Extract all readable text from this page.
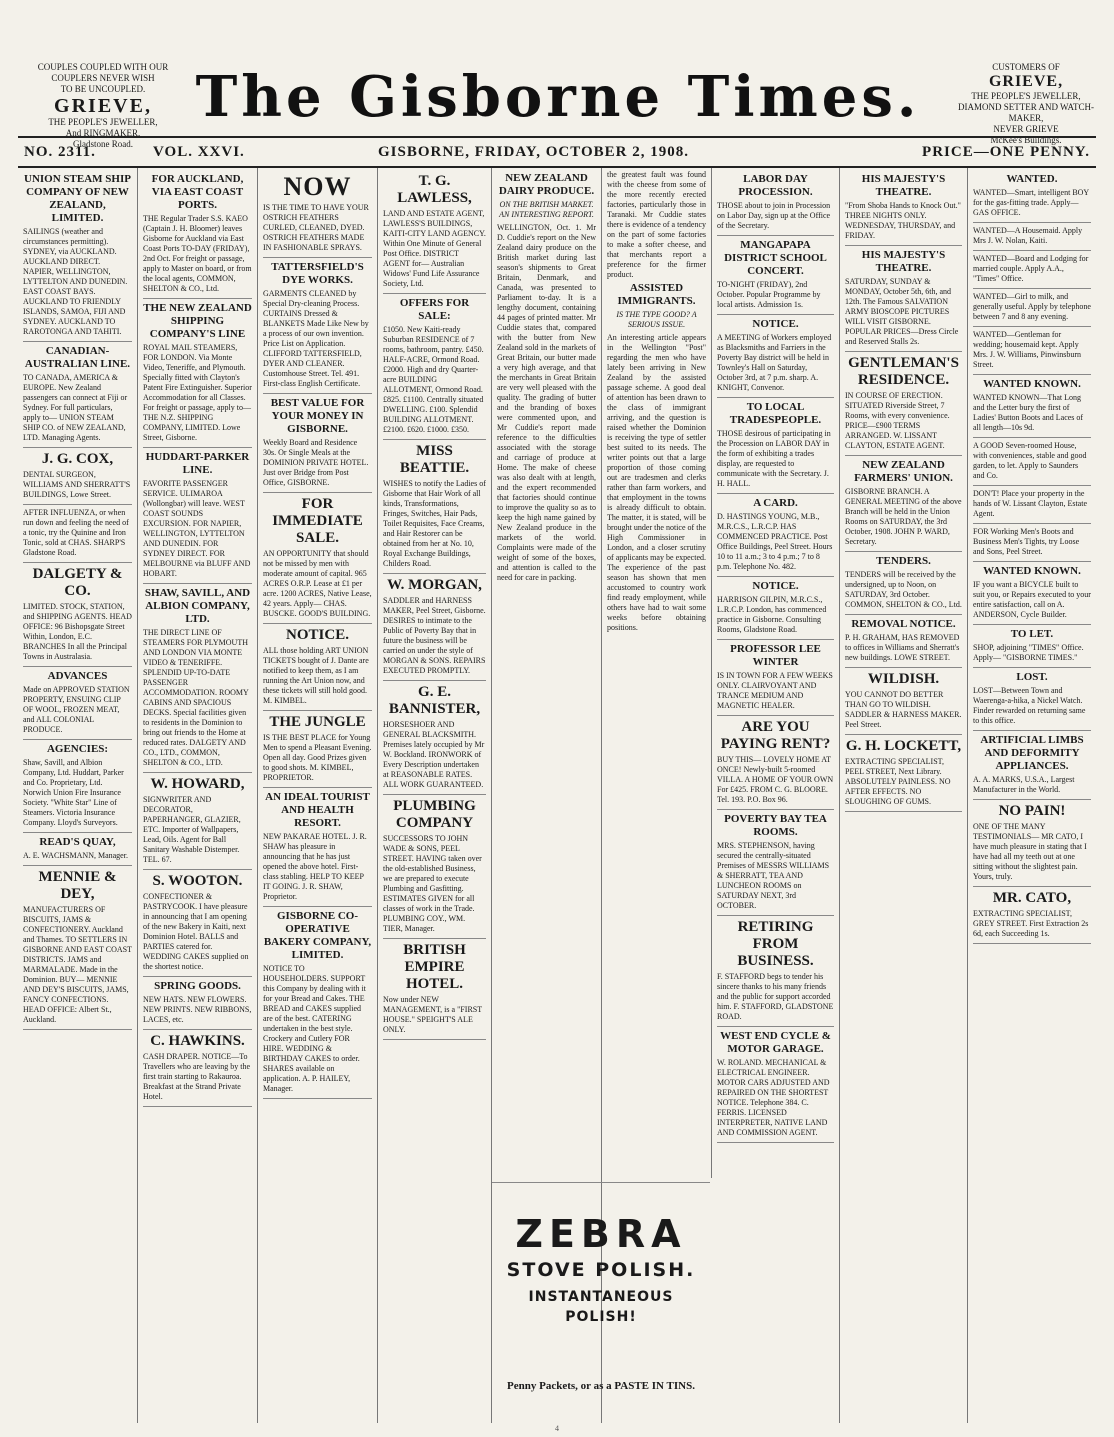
COUPLES COUPLED WITH OUR
COUPLERS NEVER WISH
TO BE UNCOUPLED.
GRIEVE,
THE PEOPLE'S JEWELLER,
And RINGMAKER,
Gladstone Road.
The Gisborne Times.	CUSTOMERS OF
GRIEVE,
THE PEOPLE'S JEWELLER,
DIAMOND SETTER AND WATCH-
MAKER,
NEVER GRIEVE
McKee's Buildings.
NO. 2311.	VOL. XXVI.	GISBORNE, FRIDAY, OCTOBER 2, 1908.	PRICE—ONE PENNY.
UNION STEAM SHIP COMPANY OF NEW ZEALAND, LIMITED.

SAILINGS (weather and circumstances permitting). SYDNEY, via AUCKLAND. AUCKLAND DIRECT. NAPIER, WELLINGTON, LYTTELTON AND DUNEDIN. EAST COAST BAYS. AUCKLAND TO FRIENDLY ISLANDS, SAMOA, FIJI AND SYDNEY. AUCKLAND TO RAROTONGA AND TAHITI.

CANADIAN-AUSTRALIAN LINE.

TO CANADA, AMERICA & EUROPE. New Zealand passengers can connect at Fiji or Sydney. For full particulars, apply to— UNION STEAM SHIP CO. of NEW ZEALAND, LTD. Managing Agents.

J. G. COX,

DENTAL SURGEON, WILLIAMS AND SHERRATT'S BUILDINGS, Lowe Street.

AFTER INFLUENZA, or when run down and feeling the need of a tonic, try the Quinine and Iron Tonic, sold at CHAS. SHARP'S Gladstone Road.

DALGETY & CO.

LIMITED. STOCK, STATION, and SHIPPING AGENTS. HEAD OFFICE: 96 Bishopsgate Street Within, London, E.C. BRANCHES In all the Principal Towns in Australasia.

ADVANCES

Made on APPROVED STATION PROPERTY, ENSUING CLIP OF WOOL, FROZEN MEAT, and ALL COLONIAL PRODUCE.

AGENCIES:

Shaw, Savill, and Albion Company, Ltd. Huddart, Parker and Co. Proprietary, Ltd. Norwich Union Fire Insurance Society. "White Star" Line of Steamers. Victoria Insurance Company. Lloyd's Surveyors.

READ'S QUAY,

A. E. WACHSMANN, Manager.

MENNIE & DEY,

MANUFACTURERS OF BISCUITS, JAMS & CONFECTIONERY. Auckland and Thames. TO SETTLERS IN GISBORNE AND EAST COAST DISTRICTS. JAMS and MARMALADE. Made in the Dominion. BUY— MENNIE AND DEY'S BISCUITS, JAMS, FANCY CONFECTIONS. HEAD OFFICE: Albert St., Auckland.

FOR AUCKLAND, VIA EAST COAST PORTS.

THE Regular Trader S.S. KAEO (Captain J. H. Bloomer) leaves Gisborne for Auckland via East Coast Ports TO-DAY (FRIDAY), 2nd Oct. For freight or passage, apply to Master on board, or from the local agents, COMMON, SHELTON & CO., Ltd.

THE NEW ZEALAND SHIPPING COMPANY'S LINE

ROYAL MAIL STEAMERS, FOR LONDON. Via Monte Video, Teneriffe, and Plymouth. Specially fitted with Clayton's Patent Fire Extinguisher. Superior Accommodation for all Classes. For freight or passage, apply to— THE N.Z. SHIPPING COMPANY, LIMITED. Lowe Street, Gisborne.

HUDDART-PARKER LINE.

FAVORITE PASSENGER SERVICE. ULIMAROA (Wollongbar) will leave. WEST COAST SOUNDS EXCURSION. FOR NAPIER, WELLINGTON, LYTTELTON AND DUNEDIN. FOR SYDNEY DIRECT. FOR MELBOURNE via BLUFF AND HOBART.

SHAW, SAVILL, AND ALBION COMPANY, LTD.

THE DIRECT LINE OF STEAMERS FOR PLYMOUTH AND LONDON VIA MONTE VIDEO & TENERIFFE. SPLENDID UP-TO-DATE PASSENGER ACCOMMODATION. ROOMY CABINS AND SPACIOUS DECKS. Special facilities given to residents in the Dominion to bring out friends to the Home at reduced rates. DALGETY AND CO., LTD., COMMON, SHELTON & CO., LTD.

W. HOWARD,

SIGNWRITER AND DECORATOR, PAPERHANGER, GLAZIER, ETC. Importer of Wallpapers, Lead, Oils. Agent for Ball Sanitary Washable Distemper. TEL. 67.

S. WOOTON.

CONFECTIONER & PASTRYCOOK. I have pleasure in announcing that I am opening of the new Bakery in Kaiti, next Dominion Hotel. BALLS and PARTIES catered for. WEDDING CAKES supplied on the shortest notice.

SPRING GOODS.

NEW HATS. NEW FLOWERS. NEW PRINTS. NEW RIBBONS, LACES, etc.

C. HAWKINS.

CASH DRAPER. NOTICE—To Travellers who are leaving by the first train starting to Rakauroa. Breakfast at the Strand Private Hotel.

NOW

IS THE TIME TO HAVE YOUR OSTRICH FEATHERS CURLED, CLEANED, DYED. OSTRICH FEATHERS MADE IN FASHIONABLE SPRAYS.

TATTERSFIELD'S DYE WORKS.

GARMENTS CLEANED by Special Dry-cleaning Process. CURTAINS Dressed & BLANKETS Made Like New by a process of our own invention. Price List on Application. CLIFFORD TATTERSFIELD, DYER AND CLEANER. Customhouse Street. Tel. 491. First-class English Certificate.

BEST VALUE FOR YOUR MONEY IN GISBORNE.

Weekly Board and Residence 30s. Or Single Meals at the DOMINION PRIVATE HOTEL. Just over Bridge from Post Office, GISBORNE.

FOR IMMEDIATE SALE.

AN OPPORTUNITY that should not be missed by men with moderate amount of capital. 965 ACRES O.R.P. Lease at £1 per acre. 1200 ACRES, Native Lease, 42 years. Apply— CHAS. BUSCKE. GOOD'S BUILDING.

NOTICE.

ALL those holding ART UNION TICKETS bought of J. Dante are notified to keep them, as I am running the Art Union now, and these tickets will still hold good. M. KIMBEL.

THE JUNGLE

IS THE BEST PLACE for Young Men to spend a Pleasant Evening. Open all day. Good Prizes given to good shots. M. KIMBEL, PROPRIETOR.

AN IDEAL TOURIST AND HEALTH RESORT.

NEW PAKARAE HOTEL. J. R. SHAW has pleasure in announcing that he has just opened the above hotel. First-class stabling. HELP TO KEEP IT GOING. J. R. SHAW, Proprietor.

GISBORNE CO-OPERATIVE BAKERY COMPANY, LIMITED.

NOTICE TO HOUSEHOLDERS. SUPPORT this Company by dealing with it for your Bread and Cakes. THE BREAD and CAKES supplied are of the best. CATERING undertaken in the best style. Crockery and Cutlery FOR HIRE. WEDDING & BIRTHDAY CAKES to order. SHARES available on application. A. P. HAILEY, Manager.

T. G. LAWLESS,

LAND AND ESTATE AGENT, LAWLESS'S BUILDINGS, KAITI-CITY LAND AGENCY. Within One Minute of General Post Office. DISTRICT AGENT for— Australian Widows' Fund Life Assurance Society, Ltd.

OFFERS FOR SALE:

£1050. New Kaiti-ready Suburban RESIDENCE of 7 rooms, bathroom, pantry. £450. HALF-ACRE, Ormond Road. £2000. High and dry Quarter-acre BUILDING ALLOTMENT, Ormond Road. £825. £1100. Centrally situated DWELLING. £100. Splendid BUILDING ALLOTMENT. £2100. £620. £1000. £350.

MISS BEATTIE.

WISHES to notify the Ladies of Gisborne that Hair Work of all kinds, Transformations, Fringes, Switches, Hair Pads, Toilet Requisites, Face Creams, and Hair Restorer can be obtained from her at No. 10, Royal Exchange Buildings, Childers Road.

W. MORGAN,

SADDLER and HARNESS MAKER, Peel Street, Gisborne. DESIRES to intimate to the Public of Poverty Bay that in future the business will be carried on under the style of MORGAN & SONS. REPAIRS EXECUTED PROMPTLY.

G. E. BANNISTER,

HORSESHOER AND GENERAL BLACKSMITH. Premises lately occupied by Mr W. Bockland. IRONWORK of Every Description undertaken at REASONABLE RATES. ALL WORK GUARANTEED.

PLUMBING COMPANY

SUCCESSORS TO JOHN WADE & SONS, PEEL STREET. HAVING taken over the old-established Business, we are prepared to execute Plumbing and Gasfitting. ESTIMATES GIVEN for all classes of work in the Trade. PLUMBING COY., WM. TIER, Manager.

BRITISH EMPIRE HOTEL.

Now under NEW MANAGEMENT, is a "FIRST HOUSE." SPEIGHT'S ALE ONLY.

NEW ZEALAND DAIRY PRODUCE.
ON THE BRITISH MARKET. AN INTERESTING REPORT.

WELLINGTON, Oct. 1. Mr D. Cuddie's report on the New Zealand dairy produce on the British market during last season's shipments to Great Britain, Denmark, and Canada, was presented to Parliament to-day. It is a lengthy document, containing 44 pages of printed matter. Mr Cuddie states that, compared with the butter from New Zealand sold in the markets of Great Britain, our butter made a very high average, and that the merchants in Great Britain are very well pleased with the quality. The grading of butter and the branding of boxes were commented upon, and Mr Cuddie's report made reference to the difficulties associated with the storage and carriage of produce at Home. The make of cheese was also dealt with at length, and the expert recommended that factories should continue to improve the quality so as to keep the high name gained by New Zealand produce in the markets of the world. Complaints were made of the weight of some of the boxes, and attention is called to the need for care in packing.

the greatest fault was found with the cheese from some of the more recently erected factories, particularly those in Taranaki. Mr Cuddie states there is evidence of a tendency on the part of some factories to make a softer cheese, and that merchants report a preference for the firmer product.

ASSISTED IMMIGRANTS.
IS THE TYPE GOOD? A SERIOUS ISSUE.

An interesting article appears in the Wellington "Post" regarding the men who have lately been arriving in New Zealand by the assisted passage scheme. A good deal of attention has been drawn to the class of immigrant arriving, and the question is raised whether the Dominion is receiving the type of settler best suited to its needs. The writer points out that a large proportion of those coming out are tradesmen and clerks rather than farm workers, and that employment in the towns is already difficult to obtain. The matter, it is stated, will be brought under the notice of the High Commissioner in London, and a closer scrutiny of applicants may be expected. The experience of the past season has shown that men accustomed to country work find ready employment, while others have had to wait some weeks before obtaining positions.

LABOR DAY PROCESSION.

THOSE about to join in Procession on Labor Day, sign up at the Office of the Secretary.

MANGAPAPA DISTRICT SCHOOL CONCERT.

TO-NIGHT (FRIDAY), 2nd October. Popular Programme by local artists. Admission 1s.

NOTICE.

A MEETING of Workers employed as Blacksmiths and Farriers in the Poverty Bay district will be held in Townley's Hall on Saturday, October 3rd, at 7 p.m. sharp. A. KNIGHT, Convenor.

TO LOCAL TRADESPEOPLE.

THOSE desirous of participating in the Procession on LABOR DAY in the form of exhibiting a trades display, are requested to communicate with the Secretary. J. H. HALL.

A CARD.

D. HASTINGS YOUNG, M.B., M.R.C.S., L.R.C.P. HAS COMMENCED PRACTICE. Post Office Buildings, Peel Street. Hours 10 to 11 a.m.; 3 to 4 p.m.; 7 to 8 p.m. Telephone No. 482.

NOTICE.

HARRISON GILPIN, M.R.C.S., L.R.C.P. London, has commenced practice in Gisborne. Consulting Rooms, Gladstone Road.

PROFESSOR LEE WINTER

IS IN TOWN FOR A FEW WEEKS ONLY. CLAIRVOYANT AND TRANCE MEDIUM AND MAGNETIC HEALER.

ARE YOU PAYING RENT?

BUY THIS— LOVELY HOME AT ONCE! Newly-built 5-roomed VILLA. A HOME OF YOUR OWN For £425. FROM C. G. BLOORE. Tel. 193. P.O. Box 96.

POVERTY BAY TEA ROOMS.

MRS. STEPHENSON, having secured the centrally-situated Premises of MESSRS WILLIAMS & SHERRATT, TEA AND LUNCHEON ROOMS on SATURDAY NEXT, 3rd OCTOBER.

RETIRING FROM BUSINESS.

F. STAFFORD begs to tender his sincere thanks to his many friends and the public for support accorded him. F. STAFFORD, GLADSTONE ROAD.

WEST END CYCLE & MOTOR GARAGE.

W. ROLAND. MECHANICAL & ELECTRICAL ENGINEER. MOTOR CARS ADJUSTED AND REPAIRED ON THE SHORTEST NOTICE. Telephone 384. C. FERRIS. LICENSED INTERPRETER, NATIVE LAND AND COMMISSION AGENT.

HIS MAJESTY'S THEATRE.

"From Shoba Hands to Knock Out." THREE NIGHTS ONLY. WEDNESDAY, THURSDAY, and FRIDAY.

HIS MAJESTY'S THEATRE.

SATURDAY, SUNDAY & MONDAY, October 5th, 6th, and 12th. The Famous SALVATION ARMY BIOSCOPE PICTURES WILL VISIT GISBORNE. POPULAR PRICES—Dress Circle and Reserved Stalls 2s.

GENTLEMAN'S RESIDENCE.

IN COURSE OF ERECTION. SITUATED Riverside Street, 7 Rooms, with every convenience. PRICE—£900 TERMS ARRANGED. W. LISSANT CLAYTON, ESTATE AGENT.

NEW ZEALAND FARMERS' UNION.

GISBORNE BRANCH. A GENERAL MEETING of the above Branch will be held in the Union Rooms on SATURDAY, the 3rd October, 1908. JOHN P. WARD, Secretary.

TENDERS.

TENDERS will be received by the undersigned, up to Noon, on SATURDAY, 3rd October. COMMON, SHELTON & CO., Ltd.

REMOVAL NOTICE.

P. H. GRAHAM, HAS REMOVED to offices in Williams and Sherratt's new buildings. LOWE STREET.

WILDISH.

YOU CANNOT DO BETTER THAN GO TO WILDISH. SADDLER & HARNESS MAKER. Peel Street.

G. H. LOCKETT,

EXTRACTING SPECIALIST, PEEL STREET, Next Library. ABSOLUTELY PAINLESS. NO AFTER EFFECTS. NO SLOUGHING OF GUMS.

WANTED.

WANTED—Smart, intelligent BOY for the gas-fitting trade. Apply— GAS OFFICE.

WANTED—A Housemaid. Apply Mrs J. W. Nolan, Kaiti.

WANTED—Board and Lodging for married couple. Apply A.A., "Times" Office.

WANTED—Girl to milk, and generally useful. Apply by telephone between 7 and 8 any evening.

WANTED—Gentleman for wedding; housemaid kept. Apply Mrs. J. W. Williams, Pinwinsburn Street.

WANTED KNOWN.

WANTED KNOWN—That Long and the Letter bury the first of Ladies' Button Boots and Laces of all length—10s 9d.

A GOOD Seven-roomed House, with conveniences, stable and good garden, to let. Apply to Saunders and Co.

DON'T! Place your property in the hands of W. Lissant Clayton, Estate Agent.

FOR Working Men's Boots and Business Men's Tights, try Loose and Sons, Peel Street.

WANTED KNOWN.

IF you want a BICYCLE built to suit you, or Repairs executed to your entire satisfaction, call on A. ANDERSON, Cycle Builder.

TO LET.

SHOP, adjoining "TIMES" Office. Apply— "GISBORNE TIMES."

LOST.

LOST—Between Town and Waerenga-a-hika, a Nickel Watch. Finder rewarded on returning same to this office.

ARTIFICIAL LIMBS AND DEFORMITY APPLIANCES.

A. A. MARKS, U.S.A., Largest Manufacturer in the World.

NO PAIN!

ONE OF THE MANY TESTIMONIALS— MR CATO, I have much pleasure in stating that I have had all my teeth out at one sitting without the slightest pain. Yours, truly.

MR. CATO,

EXTRACTING SPECIALIST, GREY STREET. First Extraction 2s 6d, each Succeeding 1s.

ZEBRA
STOVE POLISH.
INSTANTANEOUS POLISH!
Penny Packets, or as a PASTE IN TINS.
4
